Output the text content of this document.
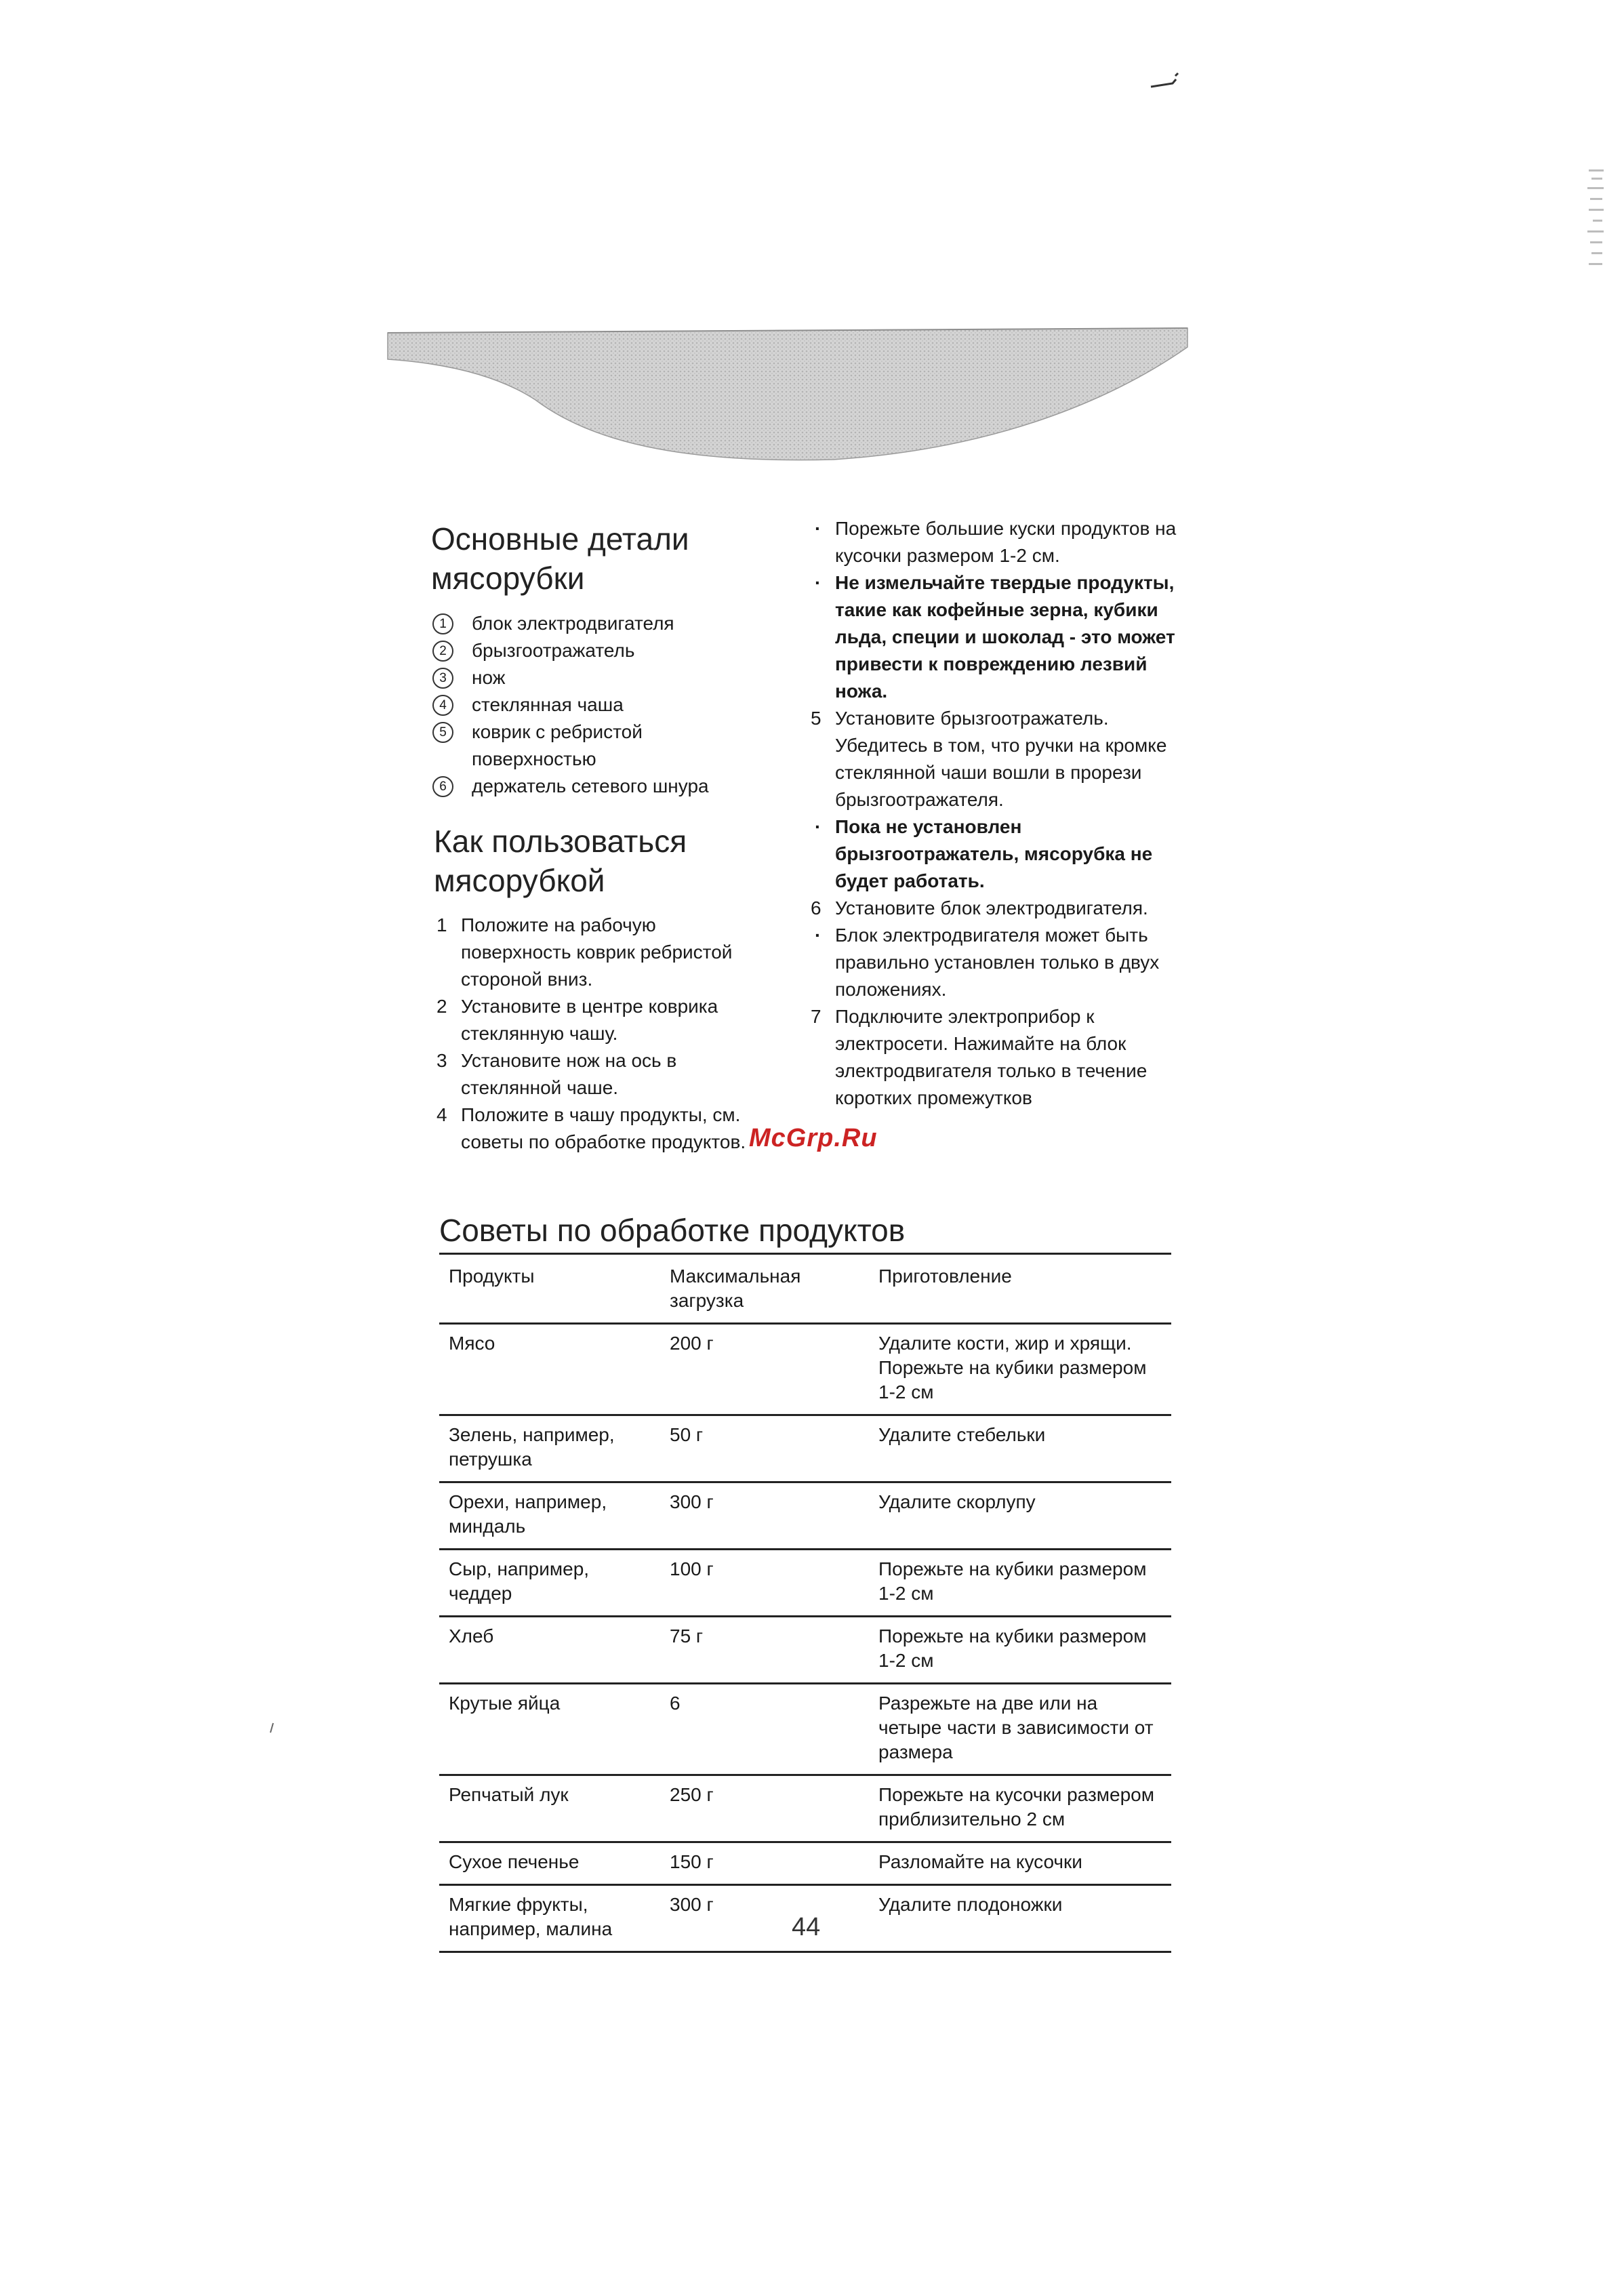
Основные детали мясорубки
1	блок электродвигателя
2	брызгоотражатель
3	нож
4	стеклянная чаша
5	коврик с ребристой поверхностью
6	держатель сетевого шнура
Как пользоваться мясорубкой
1 Положите на рабочую поверхность коврик ребристой стороной вниз.
2 Установите в центре коврика стеклянную чашу.
3 Установите нож на ось в стеклянной чаше.
4 Положите в чашу продукты, см. советы по обработке продуктов.
· Порежьте большие куски продуктов на кусочки размером 1-2 см.
· Не измельчайте твердые продукты, такие как кофейные зерна, кубики льда, специи и шоколад - это может привести к повреждению лезвий ножа.
5 Установите брызгоотражатель. Убедитесь в том, что ручки на кромке стеклянной чаши вошли в прорези брызгоотражателя.
· Пока не установлен брызгоотражатель, мясорубка не будет работать.
6 Установите блок электродвигателя.
· Блок электродвигателя может быть правильно установлен только в двух положениях.
7 Подключите электроприбор к электросети. Нажимайте на блок электродвигателя только в течение коротких промежутков
McGrp.Ru
Советы по обработке продуктов
Продукты	Максимальная загрузка	Приготовление
Мясо	200 г	Удалите кости, жир и хрящи. Порежьте на кубики размером 1-2 см
Зелень, например, петрушка	50 г	Удалите стебельки
Орехи, например, миндаль	300 г	Удалите скорлупу
Сыр, например, чеддер	100 г	Порежьте на кубики размером 1-2 см
Хлеб	75 г	Порежьте на кубики размером 1-2 см
Крутые яйца	6	Разрежьте на две или на четыре части в зависимости от размера
Репчатый лук	250 г	Порежьте на кусочки размером приблизительно 2 см
Сухое печенье	150 г	Разломайте на кусочки
Мягкие фрукты, например, малина	300 г	Удалите плодоножки
44
